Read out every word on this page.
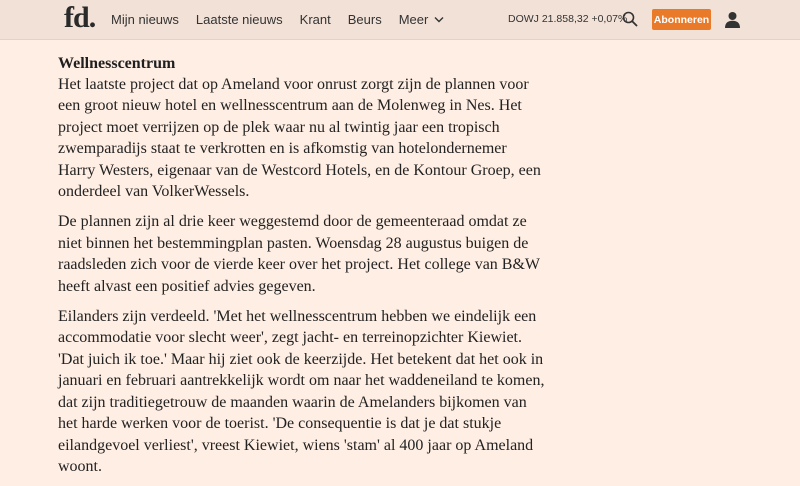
fd. Mijn nieuws Laatste nieuws Krant Beurs Meer	DOWJ 21.858,32 +0,07%	Abonneren
Wellnesscentrum

Het laatste project dat op Ameland voor onrust zorgt zijn de plannen voor een groot nieuw hotel en wellnesscentrum aan de Molenweg in Nes. Het project moet verrijzen op de plek waar nu al twintig jaar een tropisch zwemparadijs staat te verkrotten en is afkomstig van hotelondernemer Harry Westers, eigenaar van de Westcord Hotels, en de Kontour Groep, een onderdeel van VolkerWessels.

De plannen zijn al drie keer weggestemd door de gemeenteraad omdat ze niet binnen het bestemmingplan pasten. Woensdag 28 augustus buigen de raadsleden zich voor de vierde keer over het project. Het college van B&W heeft alvast een positief advies gegeven.

Eilanders zijn verdeeld. 'Met het wellnesscentrum hebben we eindelijk een accommodatie voor slecht weer', zegt jacht- en terreinopzichter Kiewiet. 'Dat juich ik toe.' Maar hij ziet ook de keerzijde. Het betekent dat het ook in januari en februari aantrekkelijk wordt om naar het waddeneiland te komen, dat zijn traditiegetrouw de maanden waarin de Amelanders bijkomen van het harde werken voor de toerist. 'De consequentie is dat je dat stukje eilandgevoel verliest', vreest Kiewiet, wiens 'stam' al 400 jaar op Ameland woont.
